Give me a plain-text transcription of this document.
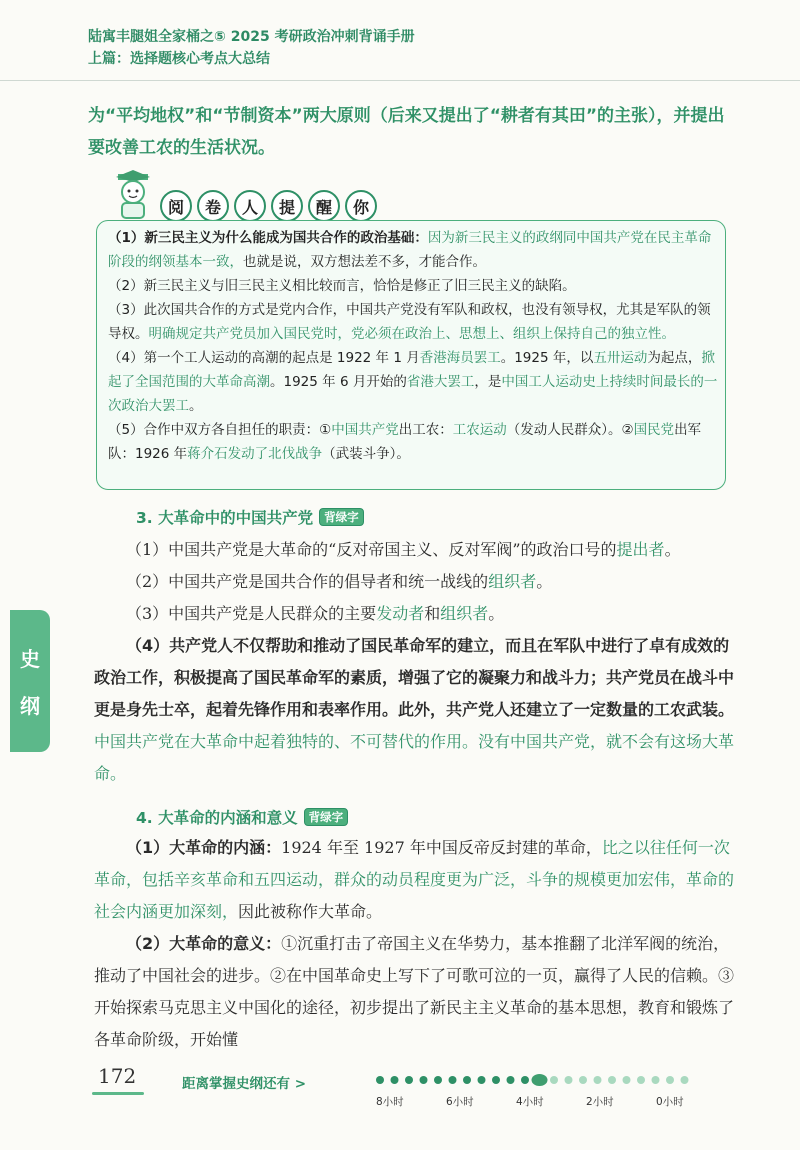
陆寓丰腿姐全家桶之⑤ 2025 考研政治冲刺背诵手册
上篇：选择题核心考点大总结
为“平均地权”和“节制资本”两大原则（后来又提出了“耕者有其田”的主张），并提出要改善工农的生活状况。
阅	卷	人	提	醒	你

（1）新三民主义为什么能成为国共合作的政治基础：因为新三民主义的政纲同中国共产党在民主革命阶段的纲领基本一致，也就是说，双方想法差不多，才能合作。

（2）新三民主义与旧三民主义相比较而言，恰恰是修正了旧三民主义的缺陷。

（3）此次国共合作的方式是党内合作，中国共产党没有军队和政权，也没有领导权，尤其是军队的领导权。明确规定共产党员加入国民党时，党必须在政治上、思想上、组织上保持自己的独立性。

（4）第一个工人运动的高潮的起点是 1922 年 1 月香港海员罢工。1925 年，以五卅运动为起点，掀起了全国范围的大革命高潮。1925 年 6 月开始的省港大罢工，是中国工人运动史上持续时间最长的一次政治大罢工。

（5）合作中双方各自担任的职责：①中国共产党出工农：工农运动（发动人民群众）。②国民党出军队：1926 年蒋介石发动了北伐战争（武装斗争）。

3. 大革命中的中国共产党 背绿字

（1）中国共产党是大革命的“反对帝国主义、反对军阀”的政治口号的提出者。

（2）中国共产党是国共合作的倡导者和统一战线的组织者。

（3）中国共产党是人民群众的主要发动者和组织者。

（4）共产党人不仅帮助和推动了国民革命军的建立，而且在军队中进行了卓有成效的政治工作，积极提高了国民革命军的素质，增强了它的凝聚力和战斗力；共产党员在战斗中更是身先士卒，起着先锋作用和表率作用。此外，共产党人还建立了一定数量的工农武装。中国共产党在大革命中起着独特的、不可替代的作用。没有中国共产党，就不会有这场大革命。

4. 大革命的内涵和意义 背绿字

（1）大革命的内涵：1924 年至 1927 年中国反帝反封建的革命，比之以往任何一次革命，包括辛亥革命和五四运动，群众的动员程度更为广泛，斗争的规模更加宏伟，革命的社会内涵更加深刻，因此被称作大革命。

（2）大革命的意义：①沉重打击了帝国主义在华势力，基本推翻了北洋军阀的统治，推动了中国社会的进步。②在中国革命史上写下了可歌可泣的一页，赢得了人民的信赖。③开始探索马克思主义中国化的途径，初步提出了新民主主义革命的基本思想，教育和锻炼了各革命阶级，开始懂

史
纲
172	距离掌握史纲还有 >
8小时	6小时	4小时	2小时	0小时
